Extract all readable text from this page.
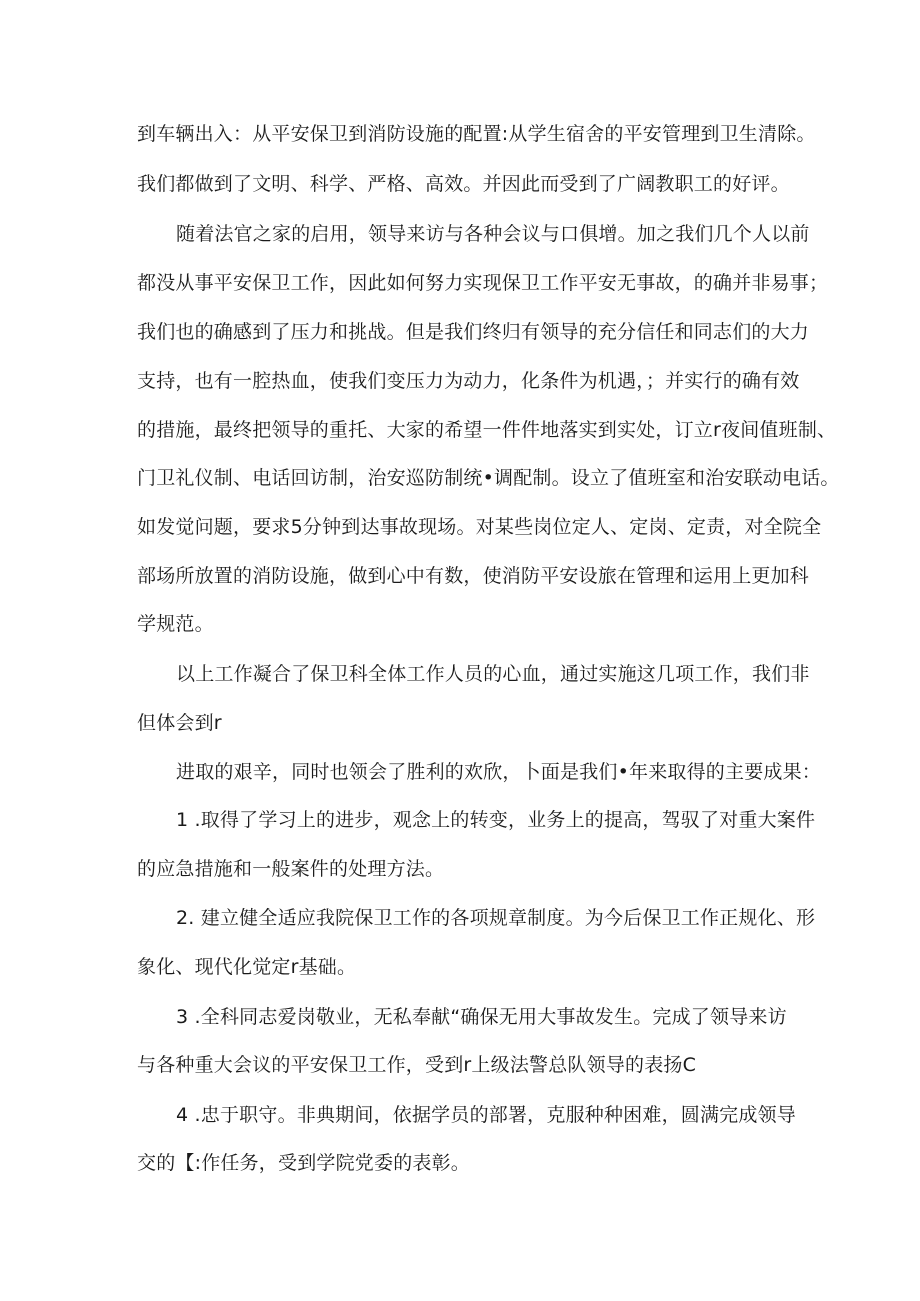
到车辆出入：从平安保卫到消防设施的配置:从学生宿舍的平安管理到卫生清除。
我们都做到了文明、科学、严格、高效。并因此而受到了广阔教职工的好评。
随着法官之家的启用，领导来访与各种会议与口俱增。加之我们几个人以前
都没从事平安保卫工作，因此如何努力实现保卫工作平安无事故，的确并非易事；
我们也的确感到了压力和挑战。但是我们终归有领导的充分信任和同志们的大力
支持，也有一腔热血，使我们变压力为动力，化条件为机遇，；并实行的确有效
的措施，最终把领导的重托、大家的希望一件件地落实到实处，订立r夜间值班制、
门卫礼仪制、电话回访制，治安巡防制统•调配制。设立了值班室和治安联动电话。
如发觉问题，要求5分钟到达事故现场。对某些岗位定人、定岗、定责，对全院全
部场所放置的消防设施，做到心中有数，使消防平安设旅在管理和运用上更加科
学规范。
以上工作凝合了保卫科全体工作人员的心血，通过实施这几项工作，我们非
但体会到r
进取的艰辛，同时也领会了胜利的欢欣，卜面是我们•年来取得的主要成果：
1 .取得了学习上的进步，观念上的转变，业务上的提高，驾驭了对重大案件
的应急措施和一般案件的处理方法。
2. 建立健全适应我院保卫工作的各项规章制度。为今后保卫工作正规化、形
象化、现代化觉定r基础。
3 .全科同志爱岗敬业，无私奉献“确保无用大事故发生。完成了领导来访
与各种重大会议的平安保卫工作，受到r上级法警总队领导的表扬C
4 .忠于职守。非典期间，依据学员的部署，克服种种困难，圆满完成领导
交的【:作任务，受到学院党委的表彰。
